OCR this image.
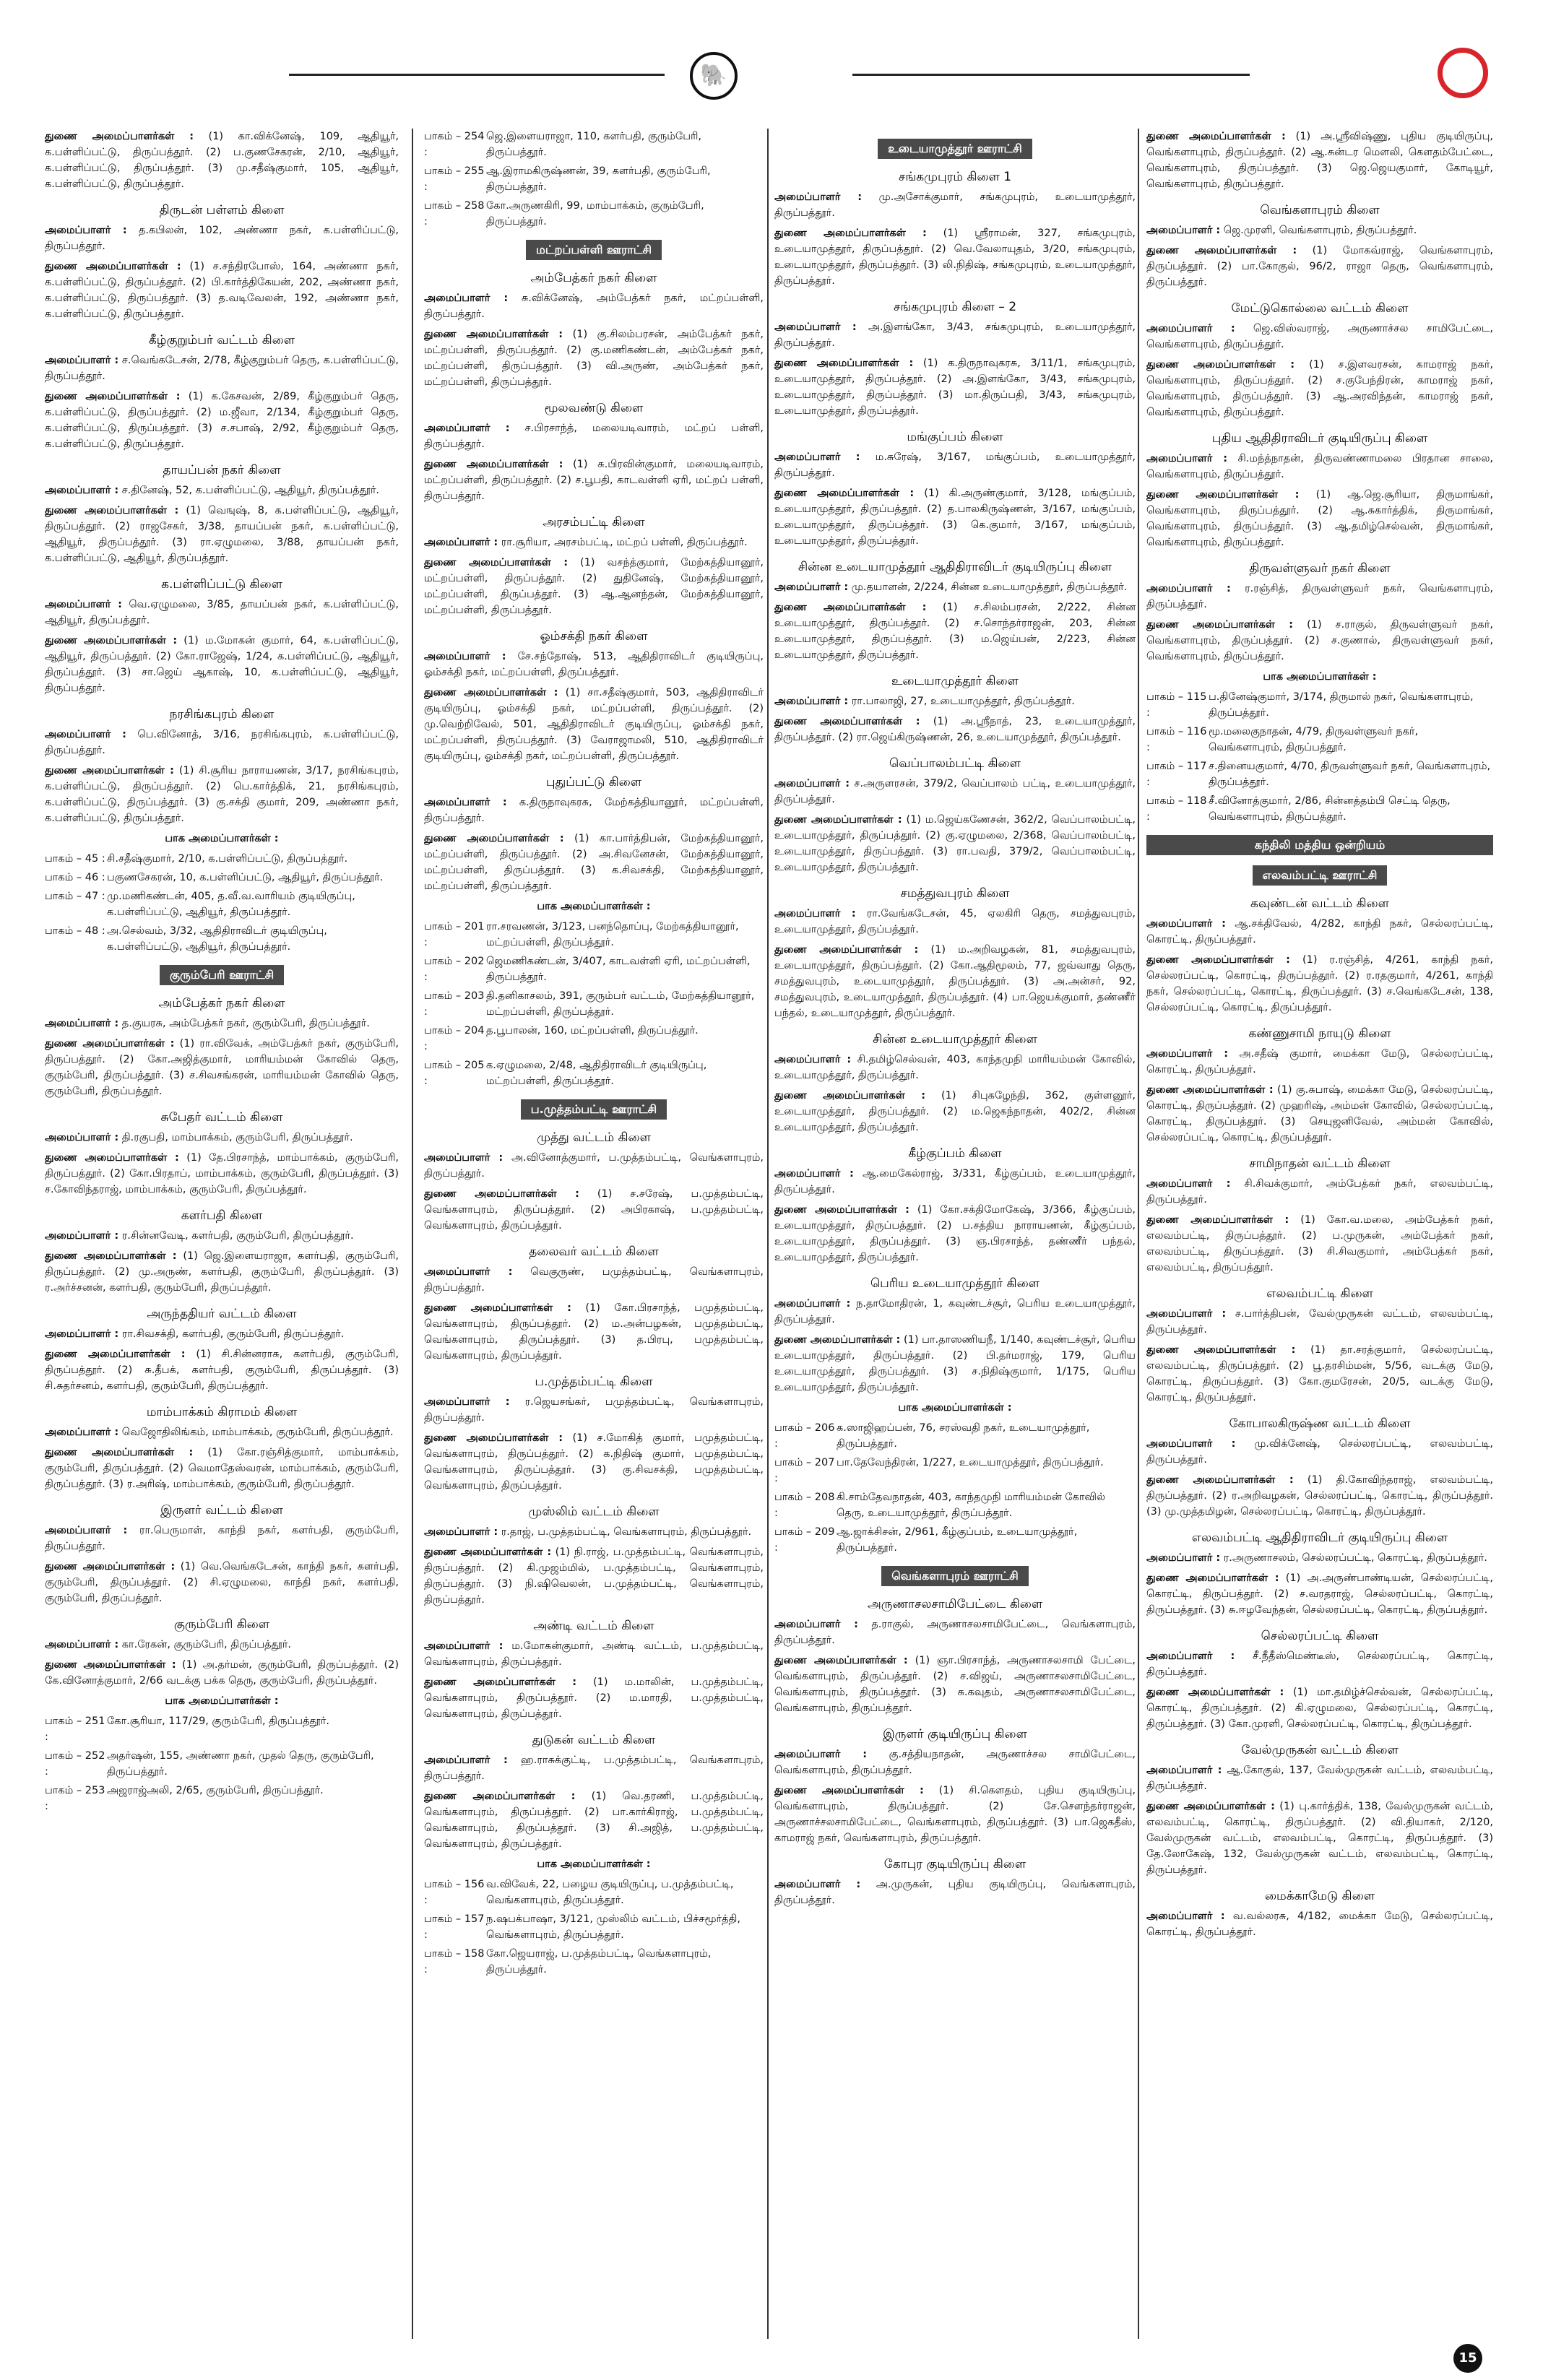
🐘
துணை அமைப்பாளர்கள் : (1) கா.விக்னேஷ், 109, ஆதியூர், க.பள்ளிப்பட்டு, திருப்பத்தூர். (2) ப.குணசேகரன், 2/10, ஆதியூர், க.பள்ளிப்பட்டு, திருப்பத்தூர். (3) மு.சதீஷ்குமார், 105, ஆதியூர், க.பள்ளிப்பட்டு, திருப்பத்தூர்.
திருடன் பள்ளம் கிளை
அமைப்பாளர் : த.கபிலன், 102, அண்ணா நகர், க.பள்ளிப்பட்டு, திருப்பத்தூர்.
துணை அமைப்பாளர்கள் : (1) ச.சந்திரபோஸ், 164, அண்ணா நகர், க.பள்ளிப்பட்டு, திருப்பத்தூர். (2) பி.கார்த்திகேயன், 202, அண்ணா நகர், க.பள்ளிப்பட்டு, திருப்பத்தூர். (3) த.வடிவேலன், 192, அண்ணா நகர், க.பள்ளிப்பட்டு, திருப்பத்தூர்.
கீழ்குறும்பர் வட்டம் கிளை
அமைப்பாளர் : ச.வெங்கடேசன், 2/78, கீழ்குறும்பர் தெரு, க.பள்ளிப்பட்டு, திருப்பத்தூர்.
துணை அமைப்பாளர்கள் : (1) க.கேசவன், 2/89, கீழ்குறும்பர் தெரு, க.பள்ளிப்பட்டு, திருப்பத்தூர். (2) ம.ஜீவா, 2/134, கீழ்குறும்பர் தெரு, க.பள்ளிப்பட்டு, திருப்பத்தூர். (3) ச.சபாஷ், 2/92, கீழ்குறும்பர் தெரு, க.பள்ளிப்பட்டு, திருப்பத்தூர்.
தாயப்பன் நகர் கிளை
அமைப்பாளர் : ச.தினேஷ், 52, க.பள்ளிப்பட்டு, ஆதியூர், திருப்பத்தூர்.
துணை அமைப்பாளர்கள் : (1) வெஙுஷ், 8, க.பள்ளிப்பட்டு, ஆதியூர், திருப்பத்தூர். (2) ராஜசேகர், 3/38, தாயப்பன் நகர், க.பள்ளிப்பட்டு, ஆதியூர், திருப்பத்தூர். (3) ரா.ஏழுமலை, 3/88, தாயப்பன் நகர், க.பள்ளிப்பட்டு, ஆதியூர், திருப்பத்தூர்.
க.பள்ளிப்பட்டு கிளை
அமைப்பாளர் : வெ.ஏழுமலை, 3/85, தாயப்பன் நகர், க.பள்ளிப்பட்டு, ஆதியூர், திருப்பத்தூர்.
துணை அமைப்பாளர்கள் : (1) ம.மோகன் குமார், 64, க.பள்ளிப்பட்டு, ஆதியூர், திருப்பத்தூர். (2) கோ.ராஜேஷ், 1/24, க.பள்ளிப்பட்டு, ஆதியூர், திருப்பத்தூர். (3) சா.ஜெய் ஆகாஷ், 10, க.பள்ளிப்பட்டு, ஆதியூர், திருப்பத்தூர்.
நரசிங்கபுரம் கிளை
அமைப்பாளர் : பெ.வினோத், 3/16, நரசிங்கபுரம், க.பள்ளிப்பட்டு, திருப்பத்தூர்.
துணை அமைப்பாளர்கள் : (1) சி.சூரிய நாராயணன், 3/17, நரசிங்கபுரம், க.பள்ளிப்பட்டு, திருப்பத்தூர். (2) பெ.கார்த்திக், 21, நரசிங்கபுரம், க.பள்ளிப்பட்டு, திருப்பத்தூர். (3) கு.சக்தி குமார், 209, அண்ணா நகர், க.பள்ளிப்பட்டு, திருப்பத்தூர்.
பாக அமைப்பாளர்கள் :
பாகம் – 45 : சி.சதீஷ்குமார், 2/10, க.பள்ளிப்பட்டு, திருப்பத்தூர்.
பாகம் – 46 : பகுணசேகரன், 10, க.பள்ளிப்பட்டு, ஆதியூர், திருப்பத்தூர்.
பாகம் – 47 : மு.மணிகண்டன், 405, த.வீ.வ.வாரியம் குடியிருப்பு, க.பள்ளிப்பட்டு, ஆதியூர், திருப்பத்தூர்.
பாகம் – 48 : அ.செல்வம், 3/32, ஆதிதிராவிடர் குடியிருப்பு, க.பள்ளிப்பட்டு, ஆதியூர், திருப்பத்தூர்.
குரும்பேரி ஊராட்சி
அம்பேத்கர் நகர் கிளை
அமைப்பாளர் : த.குயரசு, அம்பேத்கர் நகர், குரும்பேரி, திருப்பத்தூர்.
துணை அமைப்பாளர்கள் : (1) ரா.விவேக், அம்பேத்கர் நகர், குரும்பேரி, திருப்பத்தூர். (2) கோ.அஜித்குமார், மாரியம்மன் கோவில் தெரு, குரும்பேரி, திருப்பத்தூர். (3) ச.சிவசங்கரன், மாரியம்மன் கோவில் தெரு, குரும்பேரி, திருப்பத்தூர்.
சுபேதர் வட்டம் கிளை
அமைப்பாளர் : தி.ரகுபதி, மாம்பாக்கம், குரும்பேரி, திருப்பத்தூர்.
துணை அமைப்பாளர்கள் : (1) தே.பிரசாந்த், மாம்பாக்கம், குரும்பேரி, திருப்பத்தூர். (2) கோ.பிரதாப், மாம்பாக்கம், குரும்பேரி, திருப்பத்தூர். (3) ச.கோவிந்தராஜ், மாம்பாக்கம், குரும்பேரி, திருப்பத்தூர்.
களர்பதி கிளை
அமைப்பாளர் : ர.சின்னவேடி, களர்பதி, குரும்பேரி, திருப்பத்தூர்.
துணை அமைப்பாளர்கள் : (1) ஜெ.இளையராஜா, களர்பதி, குரும்பேரி, திருப்பத்தூர். (2) மு.அருண், களர்பதி, குரும்பேரி, திருப்பத்தூர். (3) ர.அர்ச்சனன், களர்பதி, குரும்பேரி, திருப்பத்தூர்.
அருந்ததியர் வட்டம் கிளை
அமைப்பாளர் : ரா.சிவசக்தி, களர்பதி, குரும்பேரி, திருப்பத்தூர்.
துணை அமைப்பாளர்கள் : (1) சி.சின்னராசு, களர்பதி, குரும்பேரி, திருப்பத்தூர். (2) சு.தீபக், களர்பதி, குரும்பேரி, திருப்பத்தூர். (3) சி.சுதர்சனம், களர்பதி, குரும்பேரி, திருப்பத்தூர்.
மாம்பாக்கம் கிராமம் கிளை
அமைப்பாளர் : வெஜோதிலிங்கம், மாம்பாக்கம், குரும்பேரி, திருப்பத்தூர்.
துணை அமைப்பாளர்கள் : (1) கோ.ரஞ்சித்குமார், மாம்பாக்கம், குரும்பேரி, திருப்பத்தூர். (2) வெமாதேஸ்வரன், மாம்பாக்கம், குரும்பேரி, திருப்பத்தூர். (3) ர.அரிஷ், மாம்பாக்கம், குரும்பேரி, திருப்பத்தூர்.
இருளர் வட்டம் கிளை
அமைப்பாளர் : ரா.பெருமாள், காந்தி நகர், களர்பதி, குரும்பேரி, திருப்பத்தூர்.
துணை அமைப்பாளர்கள் : (1) வெ.வெங்கடேசன், காந்தி நகர், களர்பதி, குரும்பேரி, திருப்பத்தூர். (2) சி.ஏழுமலை, காந்தி நகர், களர்பதி, குரும்பேரி, திருப்பத்தூர்.
குரும்பேரி கிளை
அமைப்பாளர் : கா.ரேகன், குரும்பேரி, திருப்பத்தூர்.
துணை அமைப்பாளர்கள் : (1) அ.தர்மன், குரும்பேரி, திருப்பத்தூர். (2) கே.வினோத்குமார், 2/66 வடக்கு பக்க தெரு, குரும்பேரி, திருப்பத்தூர்.
பாக அமைப்பாளர்கள் :
பாகம் – 251 :
கோ.சூரியா, 117/29, குரும்பேரி, திருப்பத்தூர்.
பாகம் – 252 :
அதர்ஷன், 155, அண்ணா நகர், முதல் தெரு, குரும்பேரி, திருப்பத்தூர்.
பாகம் – 253 :
அஜராஜ்அலி, 2/65, குரும்பேரி, திருப்பத்தூர்.
பாகம் – 254 :
ஜெ.இளையராஜா, 110, களர்பதி, குரும்பேரி, திருப்பத்தூர்.
பாகம் – 255 :
ஆ.இராமகிருஷ்ணன், 39, களர்பதி, குரும்பேரி, திருப்பத்தூர்.
பாகம் – 258 :
கோ.அருணகிரி, 99, மாம்பாக்கம், குரும்பேரி, திருப்பத்தூர்.
மட்றப்பள்ளி ஊராட்சி
அம்பேத்கர் நகர் கிளை
அமைப்பாளர் : சு.விக்னேஷ், அம்பேத்கர் நகர், மட்றப்பள்ளி, திருப்பத்தூர்.
துணை அமைப்பாளர்கள் : (1) கு.சிலம்பரசன், அம்பேத்கர் நகர், மட்றப்பள்ளி, திருப்பத்தூர். (2) கு.மணிகண்டன், அம்பேத்கர் நகர், மட்றப்பள்ளி, திருப்பத்தூர். (3) வி.அருண், அம்பேத்கர் நகர், மட்றப்பள்ளி, திருப்பத்தூர்.
மூலவண்டு கிளை
அமைப்பாளர் : ச.பிரசாந்த், மலையடிவாரம், மட்றப் பள்ளி, திருப்பத்தூர்.
துணை அமைப்பாளர்கள் : (1) சு.பிரவின்குமார், மலையடிவாரம், மட்றப்பள்ளி, திருப்பத்தூர். (2) ச.பூபதி, காடவள்ளி ஏரி, மட்றப் பள்ளி, திருப்பத்தூர்.
அரசம்பட்டி கிளை
அமைப்பாளர் : ரா.சூரியா, அரசம்பட்டி, மட்றப் பள்ளி, திருப்பத்தூர்.
துணை அமைப்பாளர்கள் : (1) வசந்த்குமார், மேற்கத்தியானூர், மட்றப்பள்ளி, திருப்பத்தூர். (2) துதினேஷ், மேற்கத்தியானூர், மட்றப்பள்ளி, திருப்பத்தூர். (3) ஆ.ஆனந்தன், மேற்கத்தியானூர், மட்றப்பள்ளி, திருப்பத்தூர்.
ஓம்சக்தி நகர் கிளை
அமைப்பாளர் : சே.சந்தோஷ், 513, ஆதிதிராவிடர் குடியிருப்பு, ஓம்சக்தி நகர், மட்றப்பள்ளி, திருப்பத்தூர்.
துணை அமைப்பாளர்கள் : (1) சா.சதீஷ்குமார், 503, ஆதிதிராவிடர் குடியிருப்பு, ஓம்சக்தி நகர், மட்றப்பள்ளி, திருப்பத்தூர். (2) மு.வெற்றிவேல், 501, ஆதிதிராவிடர் குடியிருப்பு, ஓம்சக்தி நகர், மட்றப்பள்ளி, திருப்பத்தூர். (3) வேராஜாமலி, 510, ஆதிதிராவிடர் குடியிருப்பு, ஓம்சக்தி நகர், மட்றப்பள்ளி, திருப்பத்தூர்.
புதுப்பட்டு கிளை
அமைப்பாளர் : க.திருநாவுகரசு, மேற்கத்தியானூர், மட்றப்பள்ளி, திருப்பத்தூர்.
துணை அமைப்பாளர்கள் : (1) கா.பார்த்திபன், மேற்கத்தியானூர், மட்றப்பள்ளி, திருப்பத்தூர். (2) அ.சிவனேசன், மேற்கத்தியானூர், மட்றப்பள்ளி, திருப்பத்தூர். (3) க.சிவசக்தி, மேற்கத்தியானூர், மட்றப்பள்ளி, திருப்பத்தூர்.
பாக அமைப்பாளர்கள் :
பாகம் – 201 :
ரா.சரவணன், 3/123, பனந்தொப்பு, மேற்கத்தியானூர், மட்றப்பள்ளி, திருப்பத்தூர்.
பாகம் – 202 :
ஜெமணிகண்டன், 3/407, காடவள்ளி ஏரி, மட்றப்பள்ளி, திருப்பத்தூர்.
பாகம் – 203 :
தி.தனிகாசலம், 391, குரும்பர் வட்டம், மேற்கத்தியானூர், மட்றப்பள்ளி, திருப்பத்தூர்.
பாகம் – 204 :
த.பூபாலன், 160, மட்றப்பள்ளி, திருப்பத்தூர்.
பாகம் – 205 :
க.ஏழுமலை, 2/48, ஆதிதிராவிடர் குடியிருப்பு, மட்றப்பள்ளி, திருப்பத்தூர்.
ப.முத்தம்பட்டி ஊராட்சி
முத்து வட்டம் கிளை
அமைப்பாளர் : அ.வினோத்குமார், ப.முத்தம்பட்டி, வெங்களாபுரம், திருப்பத்தூர்.
துணை அமைப்பாளர்கள் : (1) ச.சரேஷ், ப.முத்தம்பட்டி, வெங்களாபுரம், திருப்பத்தூர். (2) அபிரகாஷ், ப.முத்தம்பட்டி, வெங்களாபுரம், திருப்பத்தூர்.
தலைவர் வட்டம் கிளை
அமைப்பாளர் : வெகுருண், பமுத்தம்பட்டி, வெங்களாபுரம், திருப்பத்தூர்.
துணை அமைப்பாளர்கள் : (1) கோ.பிரசாந்த், பமுத்தம்பட்டி, வெங்களாபுரம், திருப்பத்தூர். (2) ம.அன்பழகன், பமுத்தம்பட்டி, வெங்களாபுரம், திருப்பத்தூர். (3) த.பிரபு, பமுத்தம்பட்டி, வெங்களாபுரம், திருப்பத்தூர்.
ப.முத்தம்பட்டி கிளை
அமைப்பாளர் : ர.ஜெயசங்கர், பமுத்தம்பட்டி, வெங்களாபுரம், திருப்பத்தூர்.
துணை அமைப்பாளர்கள் : (1) ச.மோகித் குமார், பமுத்தம்பட்டி, வெங்களாபுரம், திருப்பத்தூர். (2) க.நிதிஷ் குமார், பமுத்தம்பட்டி, வெங்களாபுரம், திருப்பத்தூர். (3) கு.சிவசக்தி, பமுத்தம்பட்டி, வெங்களாபுரம், திருப்பத்தூர்.
முஸ்லிம் வட்டம் கிளை
அமைப்பாளர் : ர.தாஜ், ப.முத்தம்பட்டி, வெங்களாபுரம், திருப்பத்தூர்.
துணை அமைப்பாளர்கள் : (1) நி.ராஜ், ப.முத்தம்பட்டி, வெங்களாபுரம், திருப்பத்தூர். (2) கி.முஜம்மில், ப.முத்தம்பட்டி, வெங்களாபுரம், திருப்பத்தூர். (3) நி.ஷிவெலன், ப.முத்தம்பட்டி, வெங்களாபுரம், திருப்பத்தூர்.
அண்டி வட்டம் கிளை
அமைப்பாளர் : ம.மோகன்குமார், அண்டி வட்டம், ப.முத்தம்பட்டி, வெங்களாபுரம், திருப்பத்தூர்.
துணை அமைப்பாளர்கள் : (1) ம.மாலின், ப.முத்தம்பட்டி, வெங்களாபுரம், திருப்பத்தூர். (2) ம.மாரதி, ப.முத்தம்பட்டி, வெங்களாபுரம், திருப்பத்தூர்.
துடுகன் வட்டம் கிளை
அமைப்பாளர் : ஹ.ராசுக்குட்டி, ப.முத்தம்பட்டி, வெங்களாபுரம், திருப்பத்தூர்.
துணை அமைப்பாளர்கள் : (1) வெ.தரணி, ப.முத்தம்பட்டி, வெங்களாபுரம், திருப்பத்தூர். (2) பா.கார்கிராஜ், ப.முத்தம்பட்டி, வெங்களாபுரம், திருப்பத்தூர். (3) சி.அஜித், ப.முத்தம்பட்டி, வெங்களாபுரம், திருப்பத்தூர்.
பாக அமைப்பாளர்கள் :
பாகம் – 156 :
வ.விவேக், 22, பழைய குடியிருப்பு, ப.முத்தம்பட்டி, வெங்களாபுரம், திருப்பத்தூர்.
பாகம் – 157 :
ந.ஷபக்பாஷா, 3/121, முஸ்லிம் வட்டம், பிச்சமூர்த்தி, வெங்களாபுரம், திருப்பத்தூர்.
பாகம் – 158 :
கோ.ஜெயராஜ், ப.முத்தம்பட்டி, வெங்களாபுரம், திருப்பத்தூர்.
உடையாமுத்தூர் ஊராட்சி
சங்கமுபுரம் கிளை 1
அமைப்பாளர் : மு.அசோக்குமார், சங்கமுபுரம், உடையாமுத்தூர், திருப்பத்தூர்.
துணை அமைப்பாளர்கள் : (1) ஸ்ரீராமன், 327, சங்கமுபுரம், உடையாமுத்தூர், திருப்பத்தூர். (2) வெ.வேலாயுதம், 3/20, சங்கமுபுரம், உடையாமுத்தூர், திருப்பத்தூர். (3) லி.நிதிஷ், சங்கமுபுரம், உடையாமுத்தூர், திருப்பத்தூர்.
சங்கமுபுரம் கிளை – 2
அமைப்பாளர் : அ.இளங்கோ, 3/43, சங்கமுபுரம், உடையாமுத்தூர், திருப்பத்தூர்.
துணை அமைப்பாளர்கள் : (1) க.திருநாவுகரசு, 3/11/1, சங்கமுபுரம், உடையாமுத்தூர், திருப்பத்தூர். (2) அ.இளங்கோ, 3/43, சங்கமுபுரம், உடையாமுத்தூர், திருப்பத்தூர். (3) மா.திருப்பதி, 3/43, சங்கமுபுரம், உடையாமுத்தூர், திருப்பத்தூர்.
மங்குப்பம் கிளை
அமைப்பாளர் : ம.சுரேஷ், 3/167, மங்குப்பம், உடையாமுத்தூர், திருப்பத்தூர்.
துணை அமைப்பாளர்கள் : (1) கி.அருண்குமார், 3/128, மங்குப்பம், உடையாமுத்தூர், திருப்பத்தூர். (2) த.பாலகிருஷ்ணன், 3/167, மங்குப்பம், உடையாமுத்தூர், திருப்பத்தூர். (3) கெ.குமார், 3/167, மங்குப்பம், உடையாமுத்தூர், திருப்பத்தூர்.
சின்ன உடையாமுத்தூர் ஆதிதிராவிடர் குடியிருப்பு கிளை
அமைப்பாளர் : மு.தயாளன், 2/224, சின்ன உடையாமுத்தூர், திருப்பத்தூர்.
துணை அமைப்பாளர்கள் : (1) ச.சிலம்பரசன், 2/222, சின்ன உடையாமுத்தூர், திருப்பத்தூர். (2) ச.சொந்தர்ராஜன், 203, சின்ன உடையாமுத்தூர், திருப்பத்தூர். (3) ம.ஜெய்பன், 2/223, சின்ன உடையாமுத்தூர், திருப்பத்தூர்.
உடையாமுத்தூர் கிளை
அமைப்பாளர் : ரா.பாலாஜி, 27, உடையாமுத்தூர், திருப்பத்தூர்.
துணை அமைப்பாளர்கள் : (1) அ.ஸ்ரீநாத், 23, உடையாமுத்தூர், திருப்பத்தூர். (2) ரா.ஜெய்கிருஷ்ணன், 26, உடையாமுத்தூர், திருப்பத்தூர்.
வெப்பாலம்பட்டி கிளை
அமைப்பாளர் : ச.அருளரசன், 379/2, வெப்பாலம் பட்டி, உடையாமுத்தூர், திருப்பத்தூர்.
துணை அமைப்பாளர்கள் : (1) ம.ஜெய்கணேசன், 362/2, வெப்பாலம்பட்டி, உடையாமுத்தூர், திருப்பத்தூர். (2) கு.ஏழுமலை, 2/368, வெப்பாலம்பட்டி, உடையாமுத்தூர், திருப்பத்தூர். (3) ரா.பவதி, 379/2, வெப்பாலம்பட்டி, உடையாமுத்தூர், திருப்பத்தூர்.
சமத்துவபுரம் கிளை
அமைப்பாளர் : ரா.வேங்கடேசன், 45, ஏலகிரி தெரு, சமத்துவபுரம், உடையாமுத்தூர், திருப்பத்தூர்.
துணை அமைப்பாளர்கள் : (1) ம.அறிவழகன், 81, சமத்துவபுரம், உடையாமுத்தூர், திருப்பத்தூர். (2) கோ.ஆதிமூலம், 77, ஜவ்வாது தெரு, சமத்துவபுரம், உடையாமுத்தூர், திருப்பத்தூர். (3) அ.அன்சர், 92, சமத்துவபுரம், உடையாமுத்தூர், திருப்பத்தூர். (4) பா.ஜெயக்குமார், தண்ணீர் பந்தல், உடையாமுத்தூர், திருப்பத்தூர்.
சின்ன உடையாமுத்தூர் கிளை
அமைப்பாளர் : சி.தமிழ்செல்வன், 403, காந்தமுநி மாரியம்மன் கோவில், உடையாமுத்தூர், திருப்பத்தூர்.
துணை அமைப்பாளர்கள் : (1) சிபுகழேந்தி, 362, குள்ளனூர், உடையாமுத்தூர், திருப்பத்தூர். (2) ம.ஜெகந்நாதன், 402/2, சின்ன உடையாமுத்தூர், திருப்பத்தூர்.
கீழ்குப்பம் கிளை
அமைப்பாளர் : ஆ.மைகேல்ராஜ், 3/331, கீழ்குப்பம், உடையாமுத்தூர், திருப்பத்தூர்.
துணை அமைப்பாளர்கள் : (1) கோ.சக்திமோகேஷ், 3/366, கீழ்குப்பம், உடையாமுத்தூர், திருப்பத்தூர். (2) ப.சத்திய நாராயணன், கீழ்குப்பம், உடையாமுத்தூர், திருப்பத்தூர். (3) ஞ.பிரசாந்த், தண்ணீர் பந்தல், உடையாமுத்தூர், திருப்பத்தூர்.
பெரிய உடையாமுத்தூர் கிளை
அமைப்பாளர் : ந.தாமோதிரன், 1, கவுண்டச்சூர், பெரிய உடையாமுத்தூர், திருப்பத்தூர்.
துணை அமைப்பாளர்கள் : (1) பா.தாஸணியநீ, 1/140, கவுண்டச்சூர், பெரிய உடையாமுத்தூர், திருப்பத்தூர். (2) பி.தர்மராஜ், 179, பெரிய உடையாமுத்தூர், திருப்பத்தூர். (3) ச.நிதிஷ்குமார், 1/175, பெரிய உடையாமுத்தூர், திருப்பத்தூர்.
பாக அமைப்பாளர்கள் :
பாகம் – 206 :
க.ஸாஜிஹப்பன், 76, சரஸ்வதி நகர், உடையாமுத்தூர், திருப்பத்தூர்.
பாகம் – 207 :
பா.தேவேந்திரன், 1/227, உடையாமுத்தூர், திருப்பத்தூர்.
பாகம் – 208 :
கி.சாம்தேவநாதன், 403, காந்தமுநி மாரியம்மன் கோவில் தெரு, உடையாமுத்தூர், திருப்பத்தூர்.
பாகம் – 209 :
ஆ.ஜாக்சிசன், 2/961, கீழ்குப்பம், உடையாமுத்தூர், திருப்பத்தூர்.
வெங்களாபுரம் ஊராட்சி
அருணாசலசாமிபேட்டை கிளை
அமைப்பாளர் : த.ராகுல், அருணாசலசாமிபேட்டை, வெங்களாபுரம், திருப்பத்தூர்.
துணை அமைப்பாளர்கள் : (1) ஞா.பிரசாந்த், அருணாசலசாமி பேட்டை, வெங்களாபுரம், திருப்பத்தூர். (2) ச.விஜய், அருணாசலசாமிபேட்டை, வெங்களாபுரம், திருப்பத்தூர். (3) சு.கவுதம், அருணாசலசாமிபேட்டை, வெங்களாபுரம், திருப்பத்தூர்.
இருளர் குடியிருப்பு கிளை
அமைப்பாளர் : கு.சத்தியநாதன், அருணாச்சல சாமிபேட்டை, வெங்களாபுரம், திருப்பத்தூர்.
துணை அமைப்பாளர்கள் : (1) சி.கௌதம், புதிய குடியிருப்பு, வெங்களாபுரம், திருப்பத்தூர். (2) சே.சௌந்தர்ராஜன், அருணாச்சலசாமிபேட்டை, வெங்களாபுரம், திருப்பத்தூர். (3) பா.ஜெகதீஸ், காமராஜ் நகர், வெங்களாபுரம், திருப்பத்தூர்.
கோபுர குடியிருப்பு கிளை
அமைப்பாளர் : அ.முருகன், புதிய குடியிருப்பு, வெங்களாபுரம், திருப்பத்தூர்.
துணை அமைப்பாளர்கள் : (1) அ.ஸ்ரீவிஷ்ணு, புதிய குடியிருப்பு, வெங்களாபுரம், திருப்பத்தூர். (2) ஆ.சுன்டர மௌலி, கெளதம்பேட்டை, வெங்களாபுரம், திருப்பத்தூர். (3) ஜெ.ஜெயகுமார், கோடியூர், வெங்களாபுரம், திருப்பத்தூர்.
வெங்களாபுரம் கிளை
அமைப்பாளர் : ஜெ.முரளி, வெங்களாபுரம், திருப்பத்தூர்.
துணை அமைப்பாளர்கள் : (1) மோகவ்ராஜ், வெங்களாபுரம், திருப்பத்தூர். (2) பா.கோகுல், 96/2, ராஜா தெரு, வெங்களாபுரம், திருப்பத்தூர்.
மேட்டுகொல்லை வட்டம் கிளை
அமைப்பாளர் : ஜெ.விஸ்வராஜ், அருணாச்சல சாமிபேட்டை, வெங்களாபுரம், திருப்பத்தூர்.
துணை அமைப்பாளர்கள் : (1) ச.இளவரசன், காமராஜ் நகர், வெங்களாபுரம், திருப்பத்தூர். (2) ச.குபேந்திரன், காமராஜ் நகர், வெங்களாபுரம், திருப்பத்தூர். (3) ஆ.அரவிந்தன், காமராஜ் நகர், வெங்களாபுரம், திருப்பத்தூர்.
புதிய ஆதிதிராவிடர் குடியிருப்பு கிளை
அமைப்பாளர் : சி.மந்த்நாதன், திருவண்ணாமலை பிரதான சாலை, வெங்களாபுரம், திருப்பத்தூர்.
துணை அமைப்பாளர்கள் : (1) ஆ.ஜெ.சூரியா, திருமாங்கர், வெங்களாபுரம், திருப்பத்தூர். (2) ஆ.சுகார்த்திக், திருமாங்கர், வெங்களாபுரம், திருப்பத்தூர். (3) ஆ.தமிழ்செல்வன், திருமாங்கர், வெங்களாபுரம், திருப்பத்தூர்.
திருவள்ளுவர் நகர் கிளை
அமைப்பாளர் : ர.ரஞ்சித், திருவள்ளுவர் நகர், வெங்களாபுரம், திருப்பத்தூர்.
துணை அமைப்பாளர்கள் : (1) ச.ராகுல், திருவள்ளுவர் நகர், வெங்களாபுரம், திருப்பத்தூர். (2) ச.குணால், திருவள்ளுவர் நகர், வெங்களாபுரம், திருப்பத்தூர்.
பாக அமைப்பாளர்கள் :
பாகம் – 115 :
ப.தினேஷ்குமார், 3/174, திருமால் நகர், வெங்களாபுரம், திருப்பத்தூர்.
பாகம் – 116 :
மூ.மலைகுநாதன், 4/79, திருவள்ளுவர் நகர், வெங்களாபுரம், திருப்பத்தூர்.
பாகம் – 117 :
ச.தினையகுமார், 4/70, திருவள்ளுவர் நகர், வெங்களாபுரம், திருப்பத்தூர்.
பாகம் – 118 :
சீ.வினோத்குமார், 2/86, சின்னத்தம்பி செட்டி தெரு, வெங்களாபுரம், திருப்பத்தூர்.
கந்திலி மத்திய ஒன்றியம்
எலவம்பட்டி ஊராட்சி
கவுண்டன் வட்டம் கிளை
அமைப்பாளர் : ஆ.சக்திவேல், 4/282, காந்தி நகர், செல்லரப்பட்டி, கொரட்டி, திருப்பத்தூர்.
துணை அமைப்பாளர்கள் : (1) ர.ரஞ்சித், 4/261, காந்தி நகர், செல்லரப்பட்டி, கொரட்டி, திருப்பத்தூர். (2) ர.ரதகுமார், 4/261, காந்தி நகர், செல்லரப்பட்டி, கொரட்டி, திருப்பத்தூர். (3) ச.வெங்கடேசன், 138, செல்லரப்பட்டி, கொரட்டி, திருப்பத்தூர்.
கண்ணுசாமி நாயுடு கிளை
அமைப்பாளர் : அ.சதீஷ் குமார், மைக்கா மேடு, செல்லரப்பட்டி, கொரட்டி, திருப்பத்தூர்.
துணை அமைப்பாளர்கள் : (1) கு.சுபாஷ், மைக்கா மேடு, செல்லரப்பட்டி, கொரட்டி, திருப்பத்தூர். (2) முஹரிஷ், அம்மன் கோவில், செல்லரப்பட்டி, கொரட்டி, திருப்பத்தூர். (3) செயுஜனிவேல், அம்மன் கோவில், செல்லரப்பட்டி, கொரட்டி, திருப்பத்தூர்.
சாமிநாதன் வட்டம் கிளை
அமைப்பாளர் : சி.சிவக்குமார், அம்பேத்கர் நகர், எலவம்பட்டி, திருப்பத்தூர்.
துணை அமைப்பாளர்கள் : (1) கோ.வ.மலை, அம்பேத்கர் நகர், எலவம்பட்டி, திருப்பத்தூர். (2) ப.முருகன், அம்பேத்கர் நகர், எலவம்பட்டி, திருப்பத்தூர். (3) சி.சிவகுமார், அம்பேத்கர் நகர், எலவம்பட்டி, திருப்பத்தூர்.
எலவம்பட்டி கிளை
அமைப்பாளர் : ச.பார்த்திபன், வேல்முருகன் வட்டம், எலவம்பட்டி, திருப்பத்தூர்.
துணை அமைப்பாளர்கள் : (1) தா.சரத்குமார், செல்லரப்பட்டி, எலவம்பட்டி, திருப்பத்தூர். (2) பூ.தரசிம்மன், 5/56, வடக்கு மேடு, கொரட்டி, திருப்பத்தூர். (3) கோ.குமரேசன், 20/5, வடக்கு மேடு, கொரட்டி, திருப்பத்தூர்.
கோபாலகிருஷ்ண வட்டம் கிளை
அமைப்பாளர் : மு.விக்னேஷ், செல்லரப்பட்டி, எலவம்பட்டி, திருப்பத்தூர்.
துணை அமைப்பாளர்கள் : (1) தி.கோவிந்தராஜ், எலவம்பட்டி, திருப்பத்தூர். (2) ர.அறிவழகன், செல்லரப்பட்டி, கொரட்டி, திருப்பத்தூர். (3) மு.முத்தமிழன், செல்லரப்பட்டி, கொரட்டி, திருப்பத்தூர்.
எலவம்பட்டி ஆதிதிராவிடர் குடியிருப்பு கிளை
அமைப்பாளர் : ர.அருணாசலம், செல்லரப்பட்டி, கொரட்டி, திருப்பத்தூர்.
துணை அமைப்பாளர்கள் : (1) அ.அருண்பாண்டியன், செல்லரப்பட்டி, கொரட்டி, திருப்பத்தூர். (2) ச.வரதராஜ், செல்லரப்பட்டி, கொரட்டி, திருப்பத்தூர். (3) சு.ஈழவேந்தன், செல்லரப்பட்டி, கொரட்டி, திருப்பத்தூர்.
செல்லரப்பட்டி கிளை
அமைப்பாளர் : சீ.நீதீஸ்மெண்டீஸ், செல்லரப்பட்டி, கொரட்டி, திருப்பத்தூர்.
துணை அமைப்பாளர்கள் : (1) மா.தமிழ்ச்செல்வன், செல்லரப்பட்டி, கொரட்டி, திருப்பத்தூர். (2) கி.ஏழுமலை, செல்லரப்பட்டி, கொரட்டி, திருப்பத்தூர். (3) கோ.முரளி, செல்லரப்பட்டி, கொரட்டி, திருப்பத்தூர்.
வேல்முருகன் வட்டம் கிளை
அமைப்பாளர் : ஆ.கோகுல், 137, வேல்முருகன் வட்டம், எலவம்பட்டி, திருப்பத்தூர்.
துணை அமைப்பாளர்கள் : (1) பு.கார்த்திக், 138, வேல்முருகன் வட்டம், எலவம்பட்டி, கொரட்டி, திருப்பத்தூர். (2) வி.தியாகர், 2/120, வேல்முருகன் வட்டம், எலவம்பட்டி, கொரட்டி, திருப்பத்தூர். (3) தே.லோகேஷ், 132, வேல்முருகன் வட்டம், எலவம்பட்டி, கொரட்டி, திருப்பத்தூர்.
மைக்காமேடு கிளை
அமைப்பாளர் : வ.வல்லரசு, 4/182, மைக்கா மேடு, செல்லரப்பட்டி, கொரட்டி, திருப்பத்தூர்.
15
